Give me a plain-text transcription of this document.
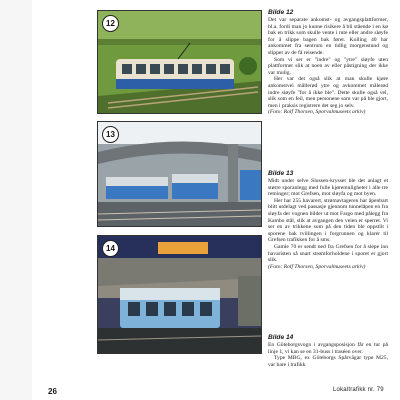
12
13
14

Bilde 12

Det var separate ankomst- og avgangsplattformer, bl.a. fordi man jo kunne risikere å bli stående i en kø bak en trikk som skulle vente i rute eller andre sløyfe for å slippe bagen bak fører. Kolling 40 har ankommet fra sentrum en tidlig morgenstund og slipper av de få reisende.

Som vi ser er "indre" og "ytre" sløyfe uten plattformer slik at noen av eller påstigning der ikke var mulig.

Her var det også slik at man skulle kjøre ankomstvei mållerød ytre og avkommet målerød indre sløyfe "for å ikke ble". Dette skulle også vel, slik som en feil, men personene som var på ble gjort, men i praksis registrere det seg jo selv.

(Foto: Rolf Thorsen, Sporvalmuseets arkiv)

Bilde 13

Midt under selve Slussen-krysset ble det anlagt et større sporanlegg med fulle kjøremuligheter i alle tre retninger; mot Grefsen, mot sløyfa og mot byen.

Her har 255 havarert, strømavtageren har åpenbart blitt utdelagt ved passasje gjennom tunnelåpen en fra sløyfa der vognen bilder ut mot Fargo med pålegg fra Kambo stål, slik at avgangen den veien er sperret. Vi ser en av trikkene som på den tiden ble oppstilt i sporene bak tvillingen i forgrunnen og klarer til Grefsen trafikken for å sms.

Gamle 70 er sendt ned fra Grefsen for å slepe inn havaristen så snart strømforholdene i sporet er gjort slik.

(Foto: Rolf Thorsen, Sporvalmuseets arkiv)

Bilde 14

En Göteborgsvogn i avgangsposisjon får en tur på linje 1, vi kan se en 31-buss i traséen over.

Type MBG, ex Göteborgs Spårvägar type M25, var bare i trafikk

26	Lokaltrafikk nr. 79
